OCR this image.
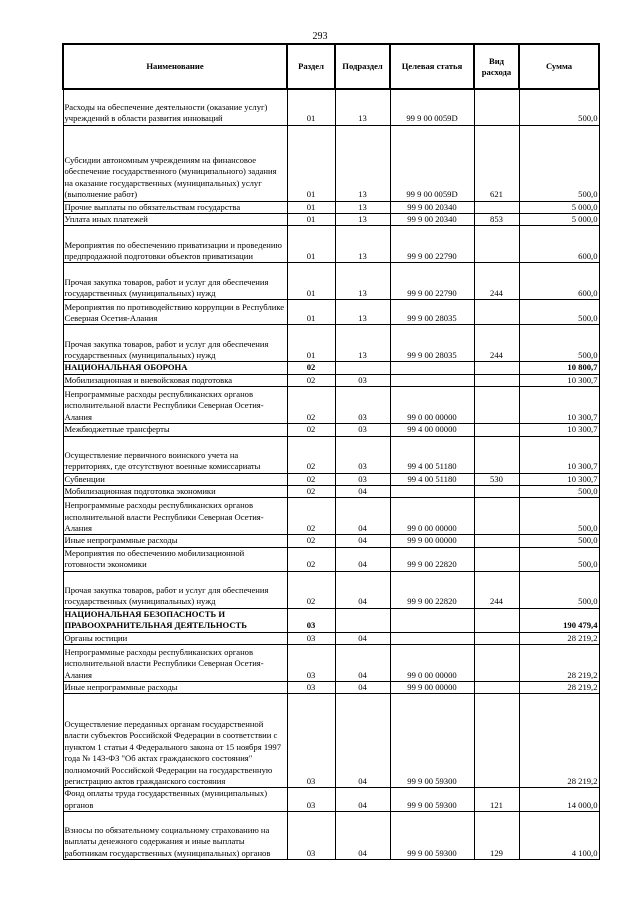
293
Наименование	Раздел	Подраздел	Целевая статья	Вид расхода	Сумма
Расходы на обеспечение деятельности (оказание услуг) учреждений в области развития инноваций	01	13	99 9 00 0059D		500,0
Субсидии автономным учреждениям на финансовое обеспечение государственного (муниципального) задания на оказание государственных (муниципальных) услуг (выполнение работ)	01	13	99 9 00 0059D	621	500,0
Прочие выплаты по обязательствам государства	01	13	99 9 00 20340		5 000,0
Уплата иных платежей	01	13	99 9 00 20340	853	5 000,0
Мероприятия по обеспечению приватизации и проведению предпродажной подготовки объектов приватизации	01	13	99 9 00 22790		600,0
Прочая закупка товаров, работ и услуг для обеспечения государственных (муниципальных) нужд	01	13	99 9 00 22790	244	600,0
Мероприятия по противодействию коррупции в Республике Северная Осетия-Алания	01	13	99 9 00 28035		500,0
Прочая закупка товаров, работ и услуг для обеспечения государственных (муниципальных) нужд	01	13	99 9 00 28035	244	500,0
НАЦИОНАЛЬНАЯ ОБОРОНА	02				10 800,7
Мобилизационная и вневойсковая подготовка	02	03			10 300,7
Непрограммные расходы республиканских органов исполнительной власти Республики Северная Осетия-Алания	02	03	99 0 00 00000		10 300,7
Межбюджетные трансферты	02	03	99 4 00 00000		10 300,7
Осуществление первичного воинского учета на территориях, где отсутствуют военные комиссариаты	02	03	99 4 00 51180		10 300,7
Субвенции	02	03	99 4 00 51180	530	10 300,7
Мобилизационная подготовка экономики	02	04			500,0
Непрограммные расходы республиканских органов исполнительной власти Республики Северная Осетия-Алания	02	04	99 0 00 00000		500,0
Иные непрограммные расходы	02	04	99 9 00 00000		500,0
Мероприятия по обеспечению мобилизационной готовности экономики	02	04	99 9 00 22820		500,0
Прочая закупка товаров, работ и услуг для обеспечения государственных (муниципальных) нужд	02	04	99 9 00 22820	244	500,0
НАЦИОНАЛЬНАЯ БЕЗОПАСНОСТЬ И ПРАВООХРАНИТЕЛЬНАЯ ДЕЯТЕЛЬНОСТЬ	03				190 479,4
Органы юстиции	03	04			28 219,2
Непрограммные расходы республиканских органов исполнительной власти Республики Северная Осетия-Алания	03	04	99 0 00 00000		28 219,2
Иные непрограммные расходы	03	04	99 9 00 00000		28 219,2
Осуществление переданных органам государственной власти субъектов Российской Федерации в соответствии с пунктом 1 статьи 4 Федерального закона от 15 ноября 1997 года № 143-ФЗ "Об актах гражданского состояния" полномочий Российской Федерации на государственную регистрацию актов гражданского состояния	03	04	99 9 00 59300		28 219,2
Фонд оплаты труда государственных (муниципальных) органов	03	04	99 9 00 59300	121	14 000,0
Взносы по обязательному социальному страхованию на выплаты денежного содержания и иные выплаты работникам государственных (муниципальных) органов	03	04	99 9 00 59300	129	4 100,0
